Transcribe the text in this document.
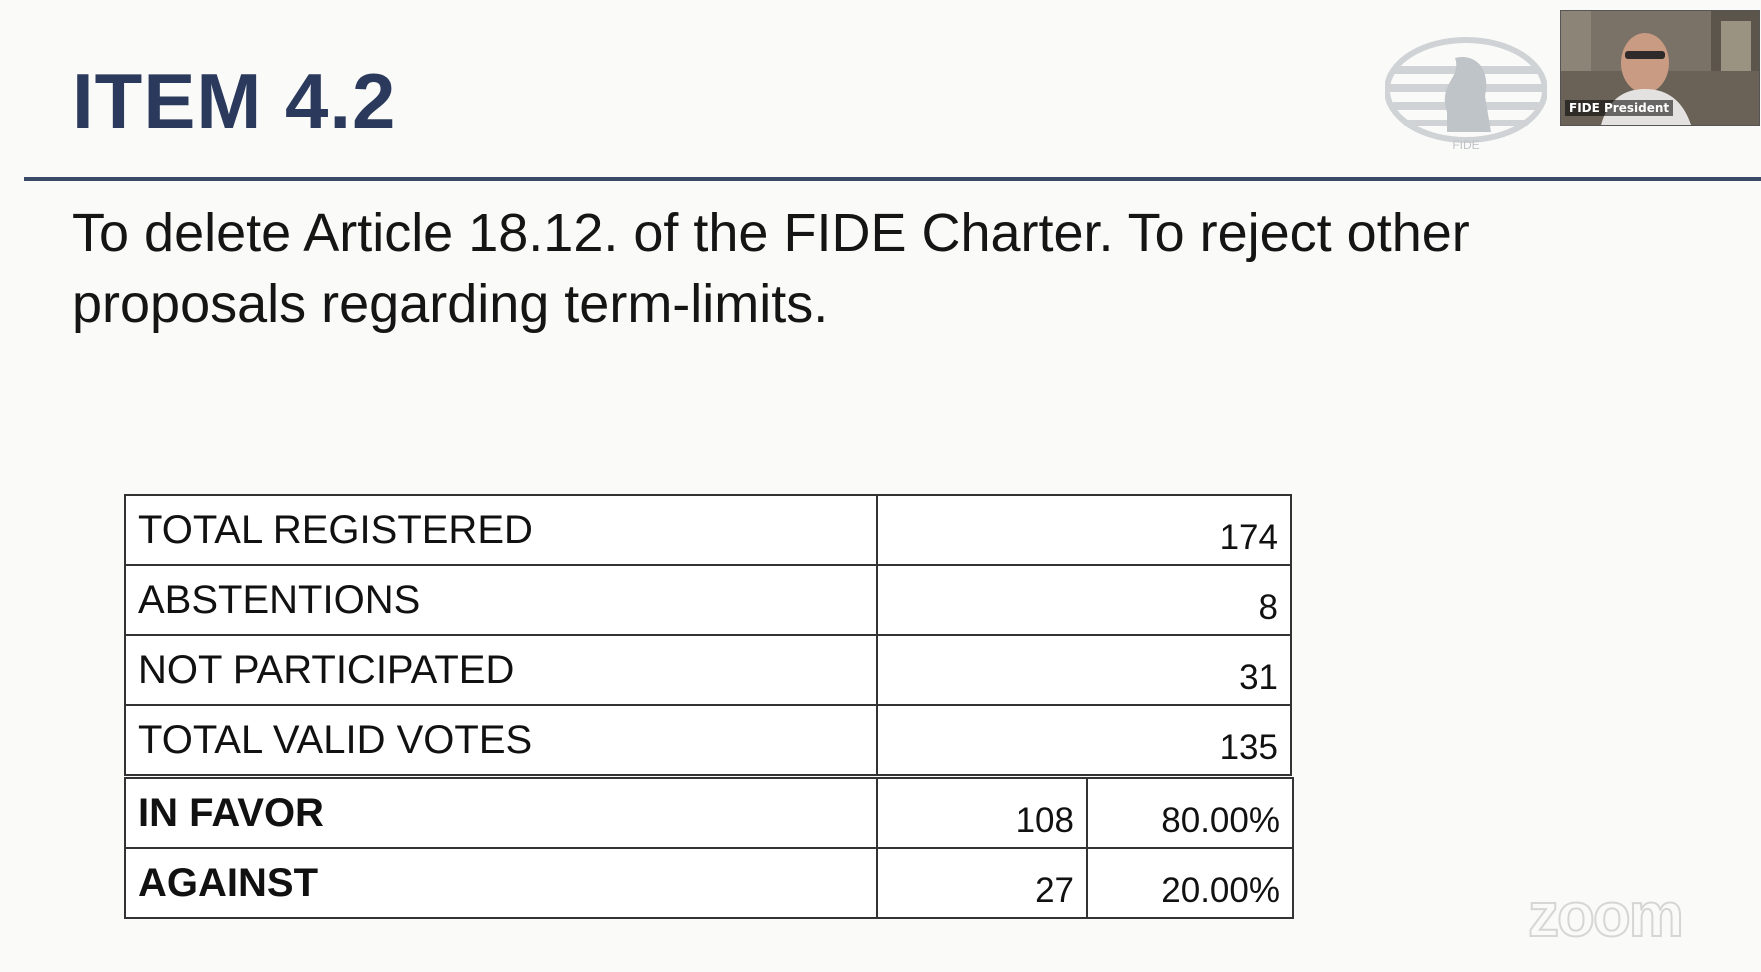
ITEM 4.2	FIDE
To delete Article 18.12. of the FIDE Charter. To reject other proposals regarding term-limits.
TOTAL REGISTERED	174
ABSTENTIONS	8
NOT PARTICIPATED	31
TOTAL VALID VOTES	135
IN FAVOR	108	80.00%
AGAINST	27	20.00%
FIDE President
zoom
